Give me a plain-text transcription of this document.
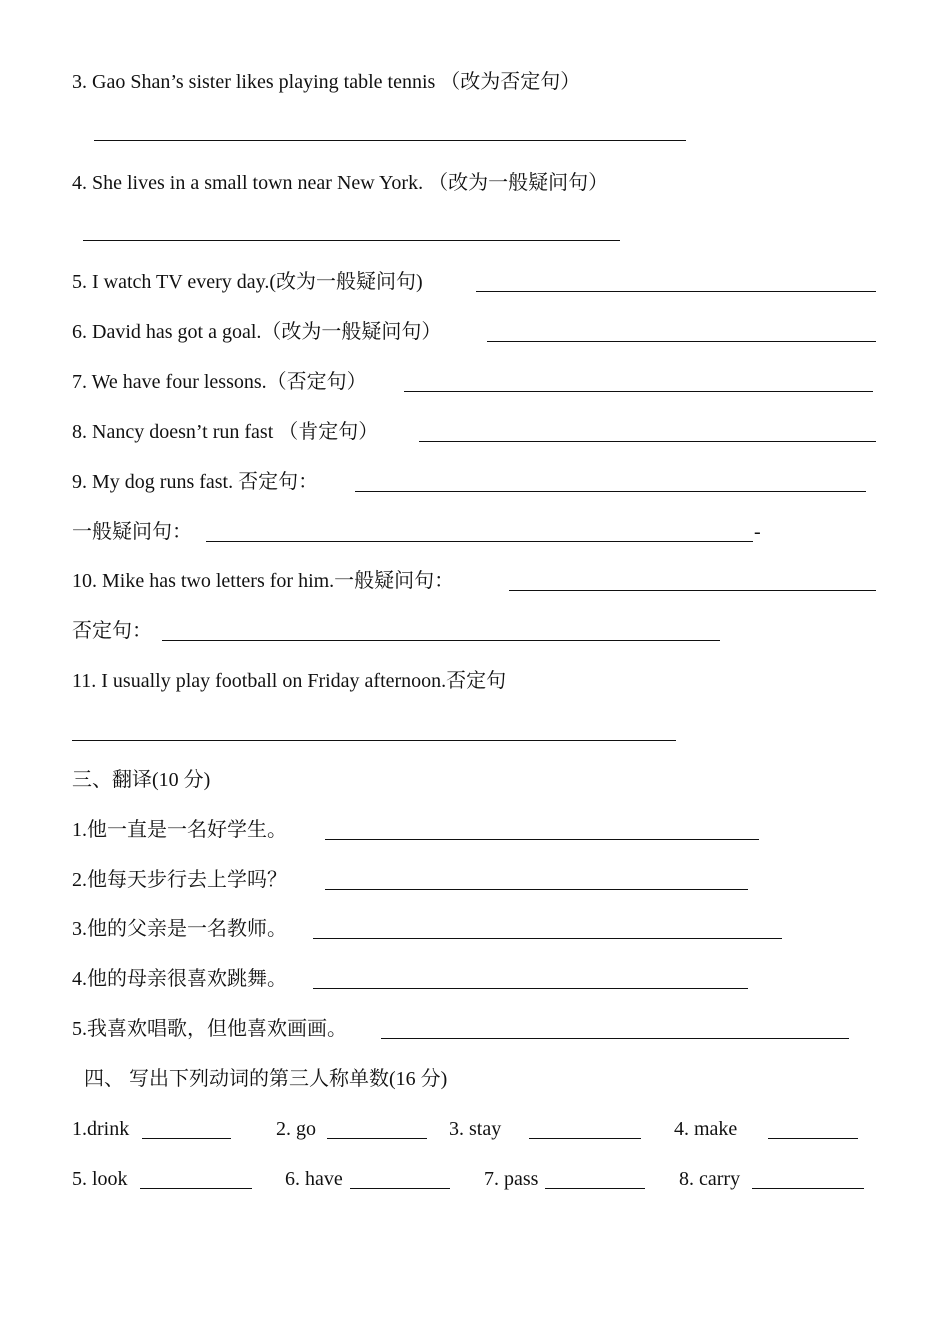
3. Gao Shan’s sister likes playing table tennis （改为否定句）
4. She lives in a small town near New York. （改为一般疑问句）
5. I watch TV every day.(改为一般疑问句)
6. David has got a goal.（改为一般疑问句）
7. We have four lessons.（否定句）
8. Nancy doesn’t run fast （肯定句）
9. My dog runs fast. 否定句：
一般疑问句：	-
10. Mike has two letters for him.一般疑问句：
否定句：
11. I usually play football on Friday afternoon.否定句
三、翻译(10 分)
1.他一直是一名好学生。
2.他每天步行去上学吗？
3.他的父亲是一名教师。
4.他的母亲很喜欢跳舞。
5.我喜欢唱歌，但他喜欢画画。
四、 写出下列动词的第三人称单数(16 分)
1.drink	2. go	3. stay	4. make
5. look	6. have	7. pass	8. carry
